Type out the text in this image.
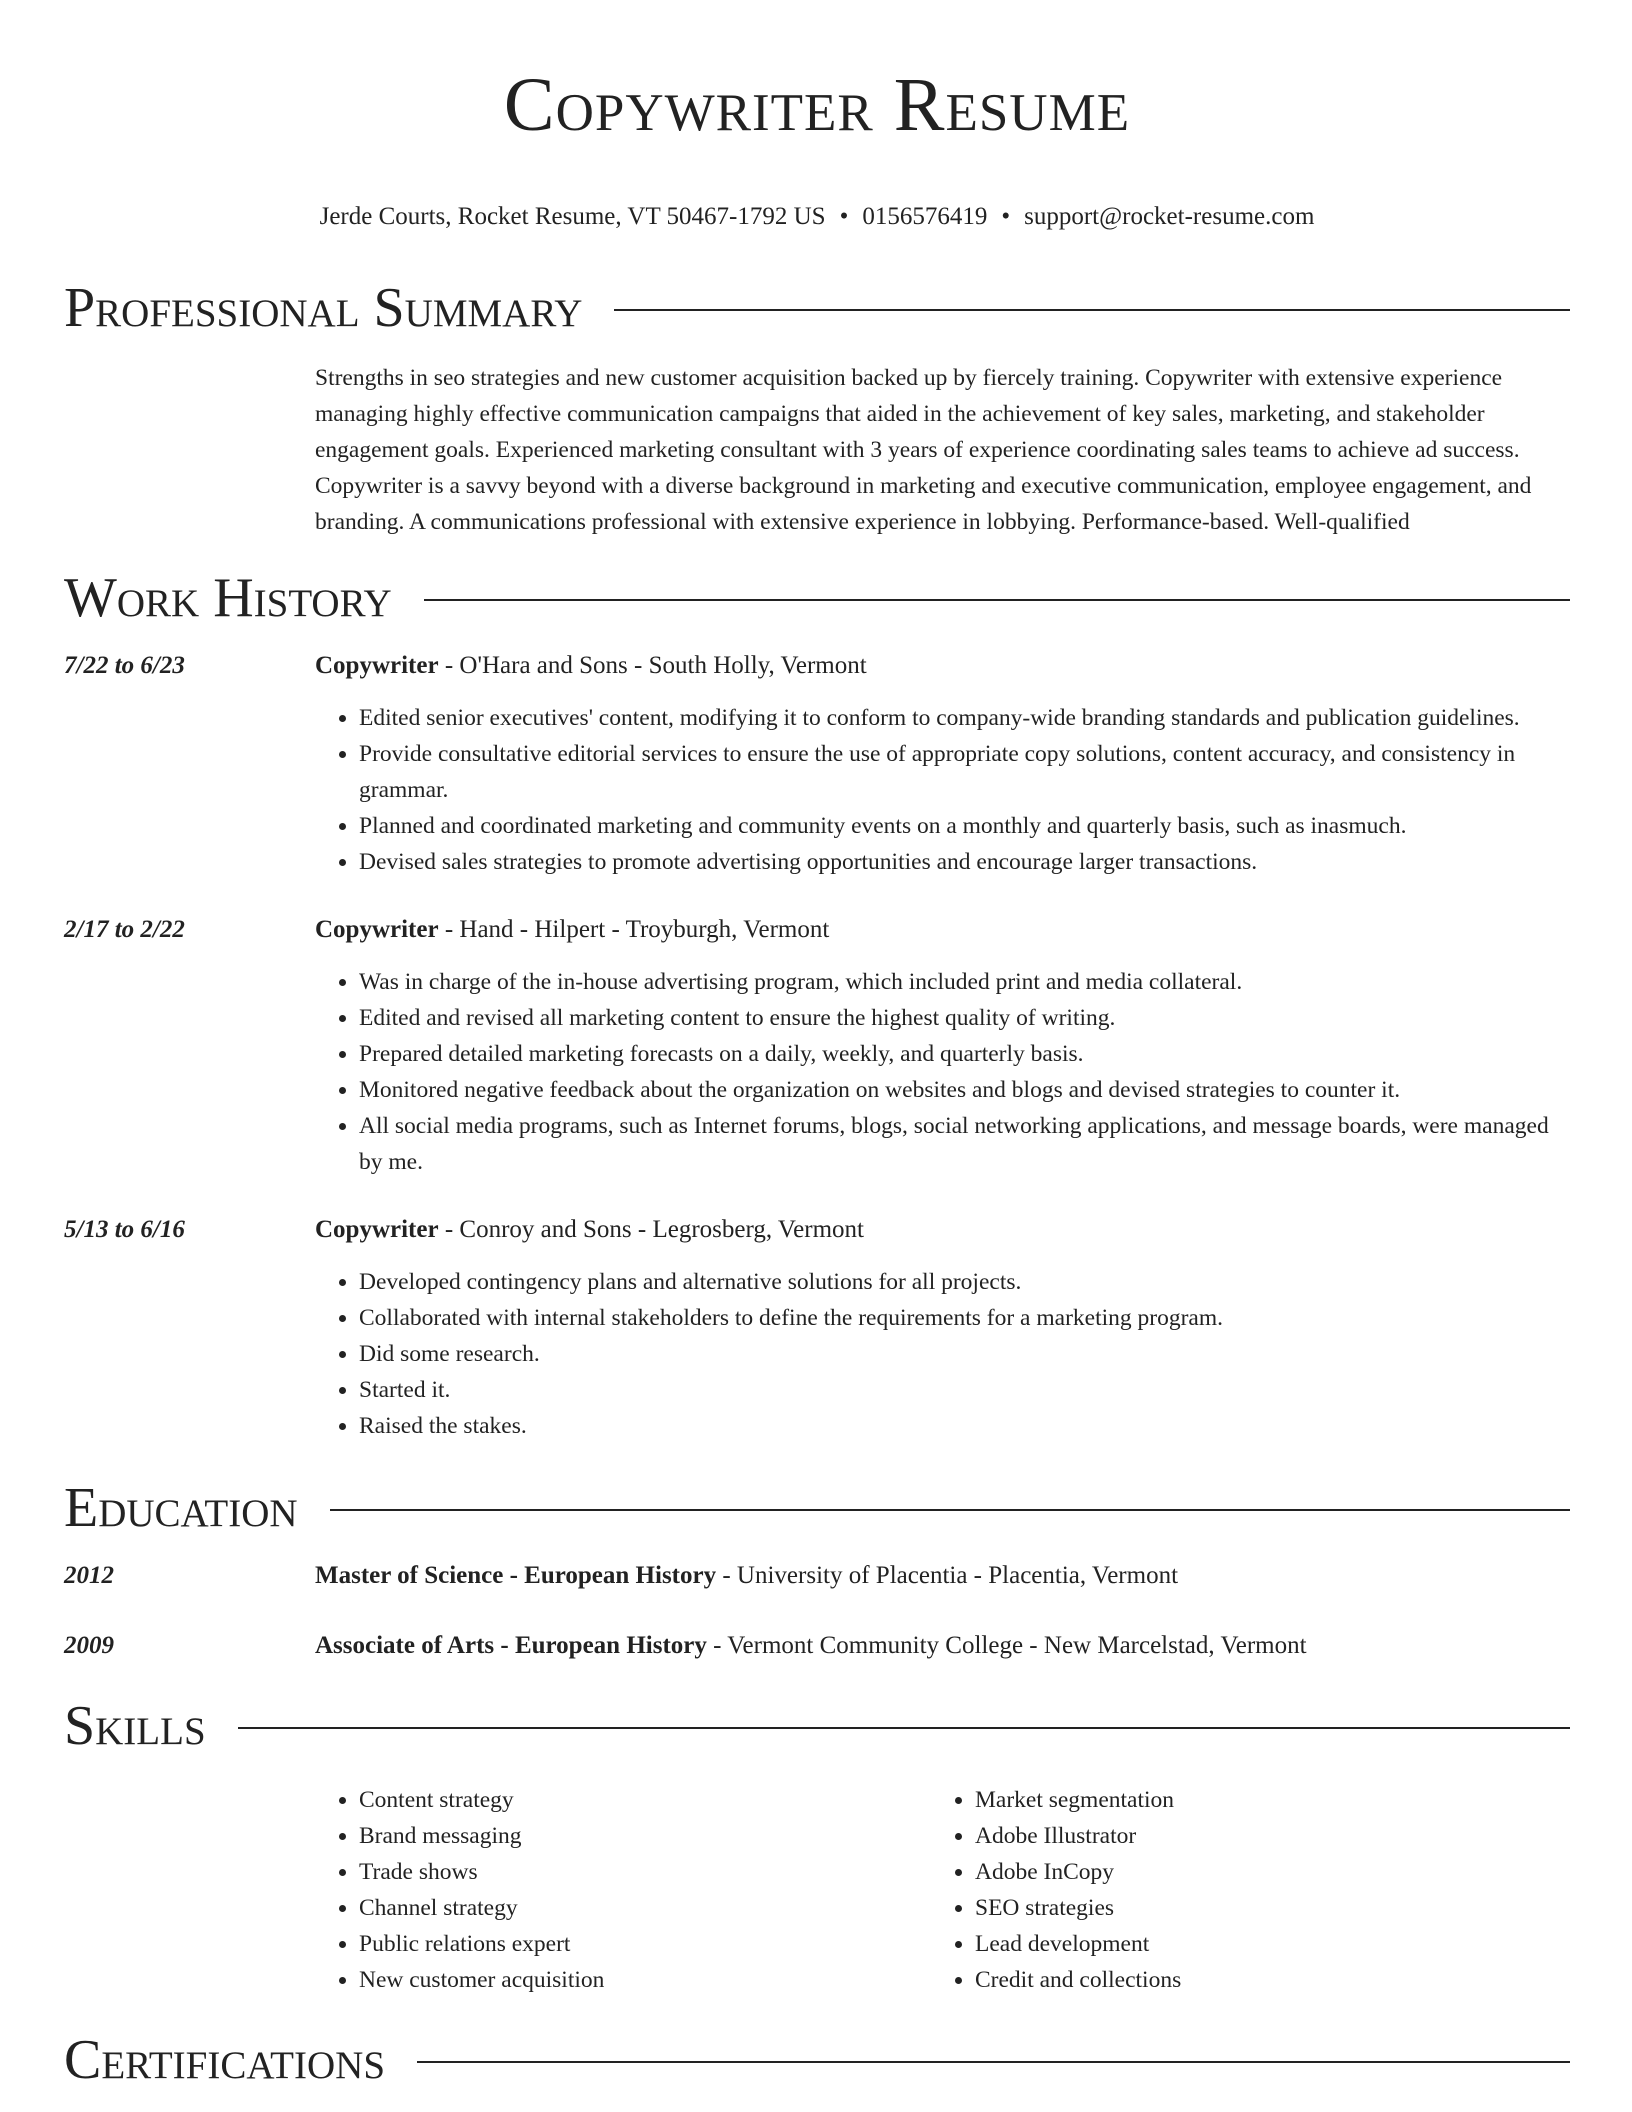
Copywriter Resume
Jerde Courts, Rocket Resume, VT 50467-1792 US • 0156576419 • support@rocket-resume.com
Professional Summary
Strengths in seo strategies and new customer acquisition backed up by fiercely training. Copywriter with extensive experience managing highly effective communication campaigns that aided in the achievement of key sales, marketing, and stakeholder engagement goals. Experienced marketing consultant with 3 years of experience coordinating sales teams to achieve ad success. Copywriter is a savvy beyond with a diverse background in marketing and executive communication, employee engagement, and branding. A communications professional with extensive experience in lobbying. Performance-based. Well-qualified
Work History
7/22 to 6/23	Copywriter - O'Hara and Sons - South Holly, Vermont
• Edited senior executives' content, modifying it to conform to company-wide branding standards and publication guidelines.
• Provide consultative editorial services to ensure the use of appropriate copy solutions, content accuracy, and consistency in grammar.
• Planned and coordinated marketing and community events on a monthly and quarterly basis, such as inasmuch.
• Devised sales strategies to promote advertising opportunities and encourage larger transactions.
2/17 to 2/22	Copywriter - Hand - Hilpert - Troyburgh, Vermont
• Was in charge of the in-house advertising program, which included print and media collateral.
• Edited and revised all marketing content to ensure the highest quality of writing.
• Prepared detailed marketing forecasts on a daily, weekly, and quarterly basis.
• Monitored negative feedback about the organization on websites and blogs and devised strategies to counter it.
• All social media programs, such as Internet forums, blogs, social networking applications, and message boards, were managed by me.
5/13 to 6/16	Copywriter - Conroy and Sons - Legrosberg, Vermont
• Developed contingency plans and alternative solutions for all projects.
• Collaborated with internal stakeholders to define the requirements for a marketing program.
• Did some research.
• Started it.
• Raised the stakes.
Education
2012	Master of Science - European History - University of Placentia - Placentia, Vermont
2009	Associate of Arts - European History - Vermont Community College - New Marcelstad, Vermont
Skills
• Content strategy
• Brand messaging
• Trade shows
• Channel strategy
• Public relations expert
• New customer acquisition
• Market segmentation
• Adobe Illustrator
• Adobe InCopy
• SEO strategies
• Lead development
• Credit and collections
Certifications
